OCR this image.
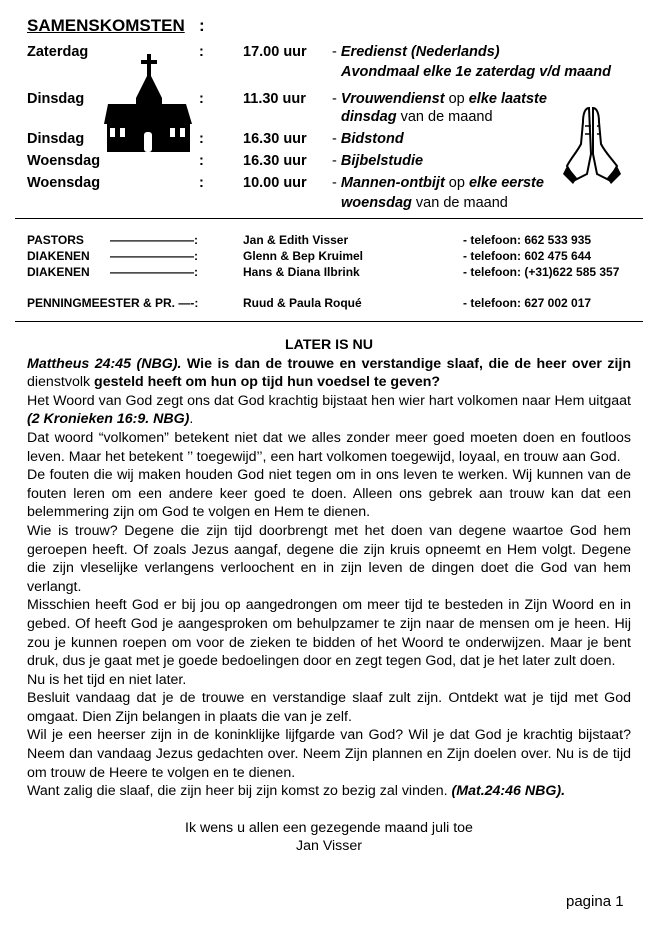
SAMENSKOMSTEN :
Zaterdag	:	17.00 uur - Eredienst (Nederlands)
Avondmaal elke 1e zaterdag v/d maand
Dinsdag	:	11.30 uur - Vrouwendienst op elke laatste
dinsdag van de maand
Dinsdag	:	16.30 uur - Bidstond
Woensdag	:	16.30 uur - Bijbelstudie
Woensdag	:	10.00 uur - Mannen-ontbijt op elke eerste
woensdag van de maand
PASTORS ———————:	Jan & Edith Visser	- telefoon: 662 533 935
DIAKENEN ———————:	Glenn & Bep Kruimel	- telefoon: 602 475 644
DIAKENEN ———————:	Hans & Diana Ilbrink	- telefoon: (+31)622 585 357
PENNINGMEESTER & PR. —-:	Ruud & Paula Roqué	- telefoon: 627 002 017

LATER IS NU

Mattheus 24:45 (NBG). Wie is dan de trouwe en verstandige slaaf, die de heer over zijn dienstvolk gesteld heeft om hun op tijd hun voedsel te geven?

Het Woord van God zegt ons dat God krachtig bijstaat hen wier hart volkomen naar Hem uitgaat (2 Kronieken 16:9. NBG).

Dat woord “volkomen” betekent niet dat we alles zonder meer goed moeten doen en foutloos leven. Maar het betekent ’’ toegewijd’’, een hart volkomen toegewijd, loyaal, en trouw aan God.

De fouten die wij maken houden God niet tegen om in ons leven te werken. Wij kunnen van de fouten leren om een andere keer goed te doen. Alleen ons gebrek aan trouw kan dat een belemmering zijn om God te volgen en Hem te dienen.

Wie is trouw? Degene die zijn tijd doorbrengt met het doen van degene waartoe God hem geroepen heeft. Of zoals Jezus aangaf, degene die zijn kruis opneemt en Hem volgt. Degene die zijn vleselijke verlangens verloochent en in zijn leven de dingen doet die God van hem verlangt.

Misschien heeft God er bij jou op aangedrongen om meer tijd te besteden in Zijn Woord en in gebed. Of heeft God je aangesproken om behulpzamer te zijn naar de mensen om je heen. Hij zou je kunnen roepen om voor de zieken te bidden of het Woord te onderwijzen. Maar je bent druk, dus je gaat met je goede bedoelingen door en zegt tegen God, dat je het later zult doen.

Nu is het tijd en niet later.

Besluit vandaag dat je de trouwe en verstandige slaaf zult zijn. Ontdekt wat je tijd met God omgaat. Dien Zijn belangen in plaats die van je zelf.

Wil je een heerser zijn in de koninklijke lijfgarde van God? Wil je dat God je krachtig bijstaat? Neem dan vandaag Jezus gedachten over. Neem Zijn plannen en Zijn doelen over. Nu is de tijd om trouw de Heere te volgen en te dienen.

Want zalig die slaaf, die zijn heer bij zijn komst zo bezig zal vinden. (Mat.24:46 NBG).

Ik wens u allen een gezegende maand juli toe

Jan Visser

pagina 1
